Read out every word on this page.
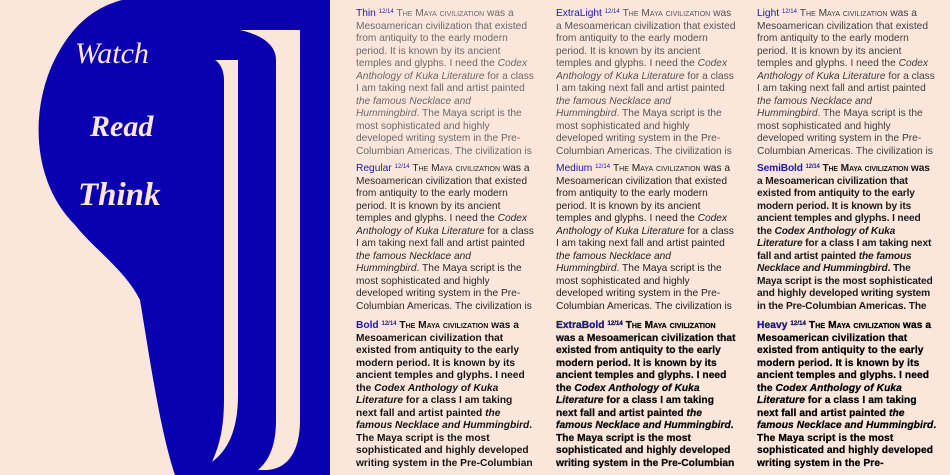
Watch
Read
Think
Thin $^{12/14}$ The Maya civilization was a Mesoamerican civilization that existed from antiquity to the early modern period. It is known by its ancient temples and glyphs. I need the Codex Anthology of Kuka Literature for a class I am taking next fall and artist painted the famous Necklace and Hummingbird. The Maya script is the most sophisticated and highly developed writing system in the Pre-Columbian Americas. The civilization is
ExtraLight $^{12/14}$ The Maya civilization was a Mesoamerican civilization that existed from antiquity to the early modern period. It is known by its ancient temples and glyphs. I need the Codex Anthology of Kuka Literature for a class I am taking next fall and artist painted the famous Necklace and Hummingbird. The Maya script is the most sophisticated and highly developed writing system in the Pre-Columbian Americas. The civilization is
Light $^{12/14}$ The Maya civilization was a Mesoamerican civilization that existed from antiquity to the early modern period. It is known by its ancient temples and glyphs. I need the Codex Anthology of Kuka Literature for a class I am taking next fall and artist painted the famous Necklace and Hummingbird. The Maya script is the most sophisticated and highly developed writing system in the Pre-Columbian Americas. The civilization is
Regular $^{12/14}$ The Maya civilization was a Mesoamerican civilization that existed from antiquity to the early modern period. It is known by its ancient temples and glyphs. I need the Codex Anthology of Kuka Literature for a class I am taking next fall and artist painted the famous Necklace and Hummingbird. The Maya script is the most sophisticated and highly developed writing system in the Pre-Columbian Americas. The civilization is
Medium $^{12/14}$ The Maya civilization was a Mesoamerican civilization that existed from antiquity to the early modern period. It is known by its ancient temples and glyphs. I need the Codex Anthology of Kuka Literature for a class I am taking next fall and artist painted the famous Necklace and Hummingbird. The Maya script is the most sophisticated and highly developed writing system in the Pre-Columbian Americas. The civilization is
SemiBold $^{12/14}$ The Maya civilization was a Mesoamerican civilization that existed from antiquity to the early modern period. It is known by its ancient temples and glyphs. I need the Codex Anthology of Kuka Literature for a class I am taking next fall and artist painted the famous Necklace and Hummingbird. The Maya script is the most sophisticated and highly developed writing system in the Pre-Columbian Americas. The
Bold $^{12/14}$ The Maya civilization was a Mesoamerican civilization that existed from antiquity to the early modern period. It is known by its ancient temples and glyphs. I need the Codex Anthology of Kuka Literature for a class I am taking next fall and artist painted the famous Necklace and Hummingbird. The Maya script is the most sophisticated and highly developed writing system in the Pre-Columbian
ExtraBold $^{12/14}$ The Maya civilization was a Mesoamerican civilization that existed from antiquity to the early modern period. It is known by its ancient temples and glyphs. I need the Codex Anthology of Kuka Literature for a class I am taking next fall and artist painted the famous Necklace and Hummingbird. The Maya script is the most sophisticated and highly developed writing system in the Pre-Columbian
Heavy $^{12/14}$ The Maya civilization was a Mesoamerican civilization that existed from antiquity to the early modern period. It is known by its ancient temples and glyphs. I need the Codex Anthology of Kuka Literature for a class I am taking next fall and artist painted the famous Necklace and Hummingbird. The Maya script is the most sophisticated and highly developed writing system in the Pre-
